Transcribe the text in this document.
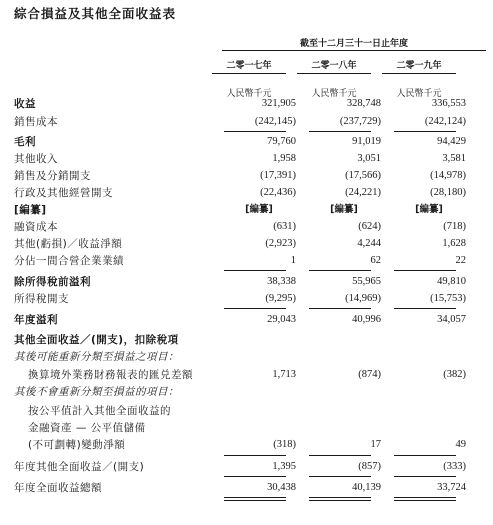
綜合損益及其他全面收益表
截至十二月三十一日止年度
二零一七年	二零一八年	二零一九年
人民幣千元	人民幣千元	人民幣千元
收益	321,905	328,748	336,553
銷售成本	(242,145)	(237,729)	(242,124)
毛利	79,760	91,019	94,429
其他收入	1,958	3,051	3,581
銷售及分銷開支	(17,391)	(17,566)	(14,978)
行政及其他經營開支	(22,436)	(24,221)	(28,180)
[編纂]	[編纂]	[編纂]	[編纂]
融資成本	(631)	(624)	(718)
其他(虧損)／收益淨額	(2,923)	4,244	1,628
分佔一間合營企業業績	1	62	22
除所得稅前溢利	38,338	55,965	49,810
所得稅開支	(9,295)	(14,969)	(15,753)
年度溢利	29,043	40,996	34,057
其他全面收益／(開支)，扣除稅項
其後可能重新分類至損益之項目：
換算境外業務財務報表的匯兑差額	1,713	(874)	(382)
其後不會重新分類至損益的項目：
按公平值計入其他全面收益的
金融資產 — 公平值儲備
(不可劃轉)變動淨額	(318)	17	49
年度其他全面收益／(開支)	1,395	(857)	(333)
年度全面收益總額	30,438	40,139	33,724
